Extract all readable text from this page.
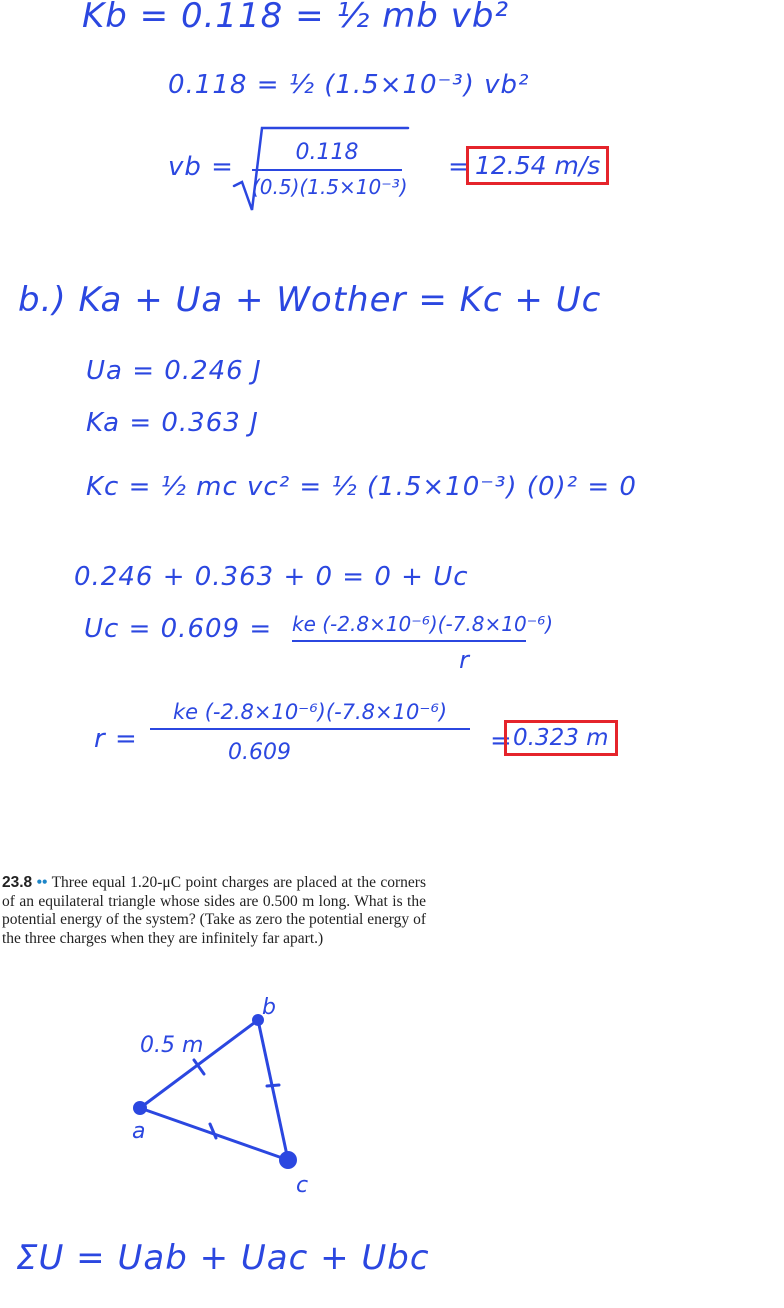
Kb = 0.118 = ½ mb vb²

0.118 = ½ (1.5×10⁻³) vb²

vb =	0.118
(0.5)(1.5×10⁻³)

= 12.54 m/s

b.) Ka + Ua + Wother = Kc + Uc

Ua = 0.246 J

Ka = 0.363 J

Kc = ½ mc vc² = ½ (1.5×10⁻³) (0)² = 0

0.246 + 0.363 + 0 = 0 + Uc

Uc = 0.609 = ke (-2.8×10⁻⁶)(-7.8×10⁻⁶)
r

r =

ke (-2.8×10⁻⁶)(-7.8×10⁻⁶)
0.609	= 0.323 m

23.8 •• Three equal 1.20-μC point charges are placed at the corners of an equilateral triangle whose sides are 0.500 m long. What is the potential energy of the system? (Take as zero the potential energy of the three charges when they are infinitely far apart.)

0.5 m
b
a
c

ΣU = Uab + Uac + Ubc
